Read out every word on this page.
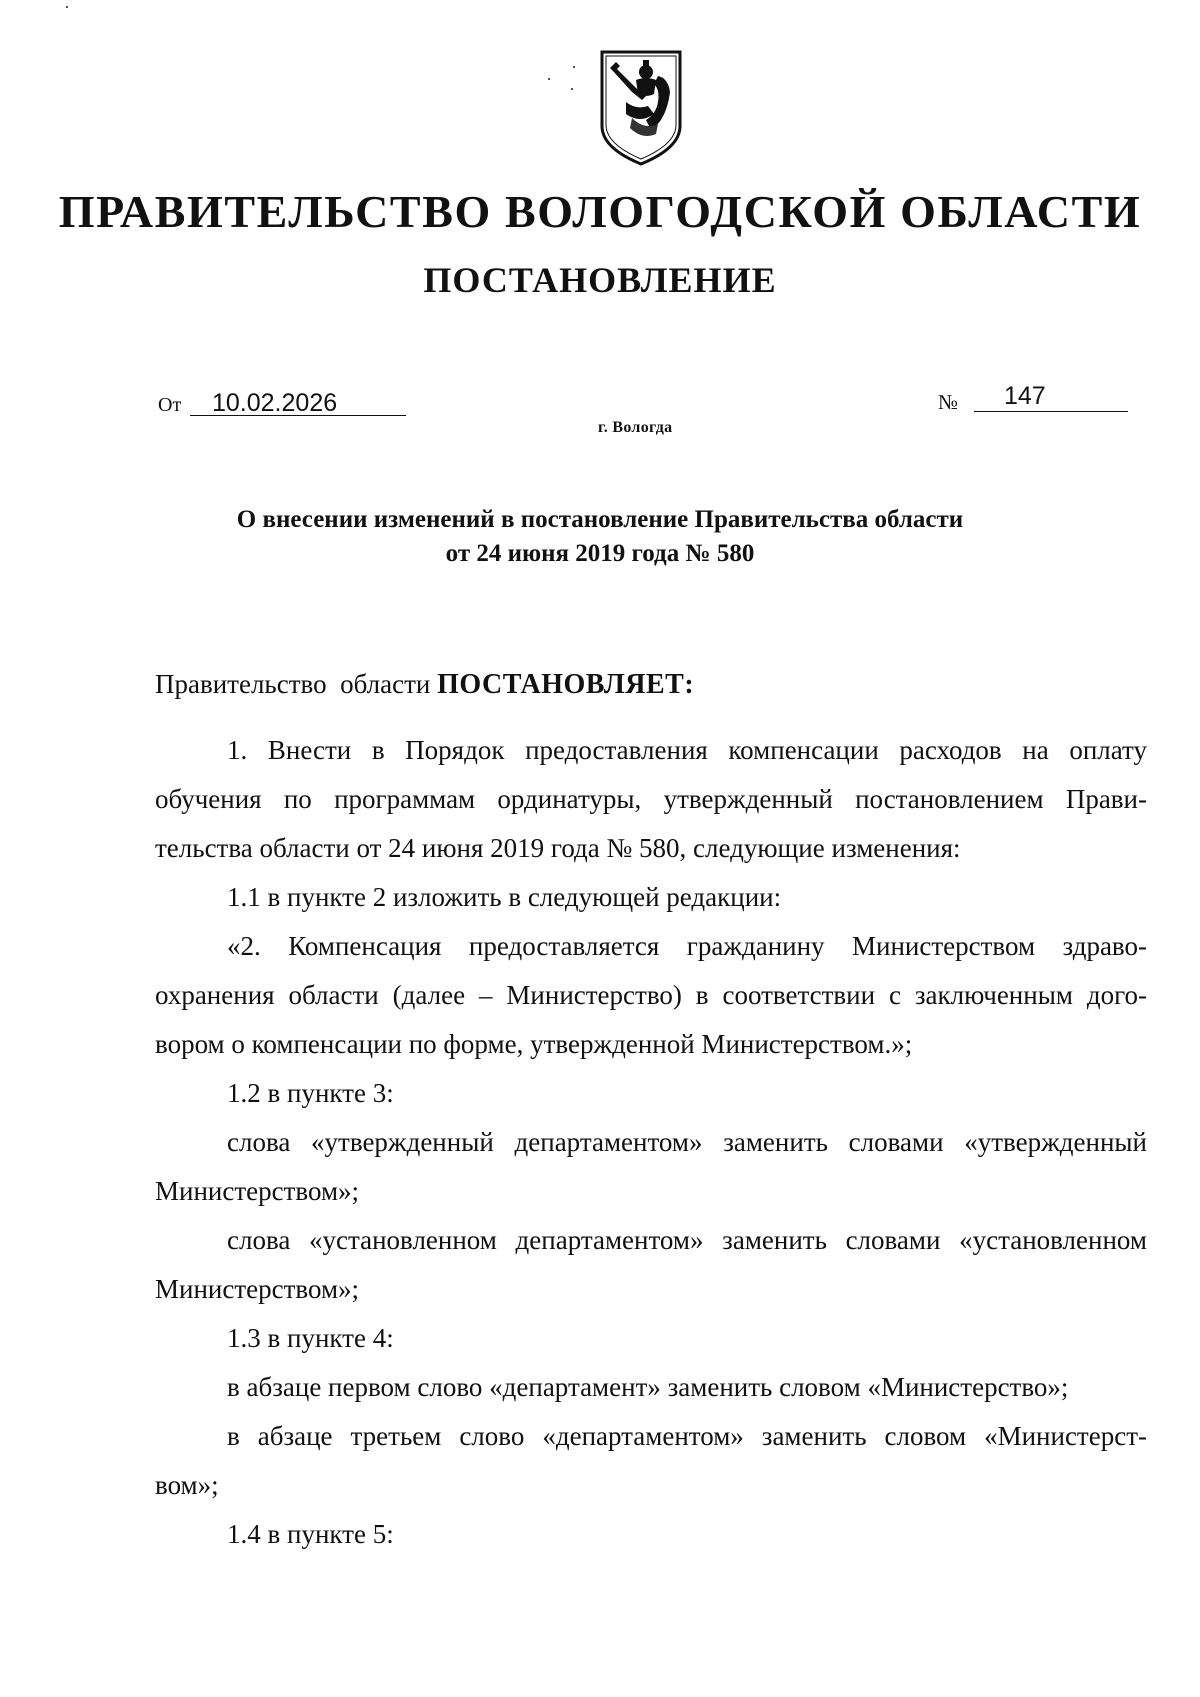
ПРАВИТЕЛЬСТВО ВОЛОГОДСКОЙ ОБЛАСТИ
ПОСТАНОВЛЕНИЕ
От 10.02.2026	№ 147
г. Вологда
О внесении изменений в постановление Правительства области
от 24 июня 2019 года № 580
Правительство  области ПОСТАНОВЛЯЕТ:
1. Внести в Порядок предоставления компенсации расходов на оплату
обучения по программам ординатуры, утвержденный постановлением Прави-
тельства области от 24 июня 2019 года № 580, следующие изменения:
1.1 в пункте 2 изложить в следующей редакции:
«2. Компенсация предоставляется гражданину Министерством здраво-
охранения области (далее – Министерство) в соответствии с заключенным дого-
вором о компенсации по форме, утвержденной Министерством.»;
1.2 в пункте 3:
слова «утвержденный департаментом» заменить словами «утвержденный
Министерством»;
слова «установленном департаментом» заменить словами «установленном
Министерством»;
1.3 в пункте 4:
в абзаце первом слово «департамент» заменить словом «Министерство»;
в абзаце третьем слово «департаментом» заменить словом «Министерст-
вом»;
1.4 в пункте 5:
